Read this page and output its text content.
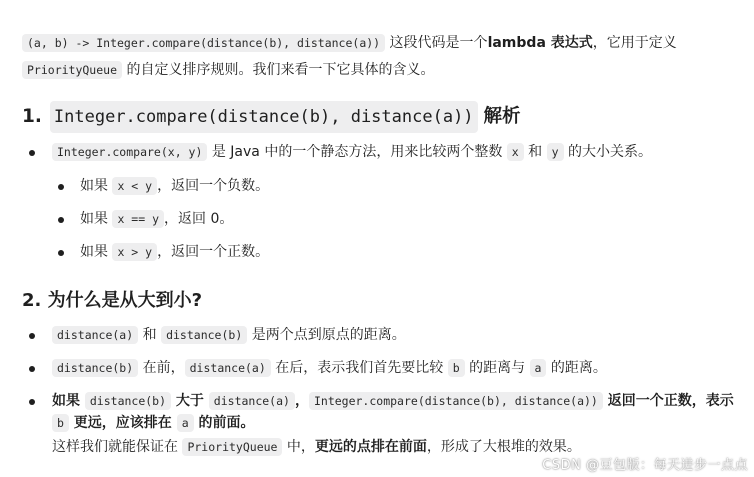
(a, b) -> Integer.compare(distance(b), distance(a)) 这段代码是一个lambda 表达式，它用于定义
PriorityQueue 的自定义排序规则。我们来看一下它具体的含义。

1. Integer.compare(distance(b), distance(a)) 解析
Integer.compare(x, y) 是 Java 中的一个静态方法，用来比较两个整数 x 和 y 的大小关系。
如果 x < y ，返回一个负数。
如果 x == y ，返回 0。
如果 x > y ，返回一个正数。
2. 为什么是从大到小?
distance(a) 和 distance(b) 是两个点到原点的距离。
distance(b) 在前， distance(a) 在后，表示我们首先要比较 b 的距离与 a 的距离。
如果 distance(b) 大于 distance(a) ， Integer.compare(distance(b), distance(a)) 返回一个正数，表示 b 更远，应该排在 a 的前面。
这样我们就能保证在 PriorityQueue 中，更远的点排在前面，形成了大根堆的效果。
CSDN @豆包版：每天进步一点点
